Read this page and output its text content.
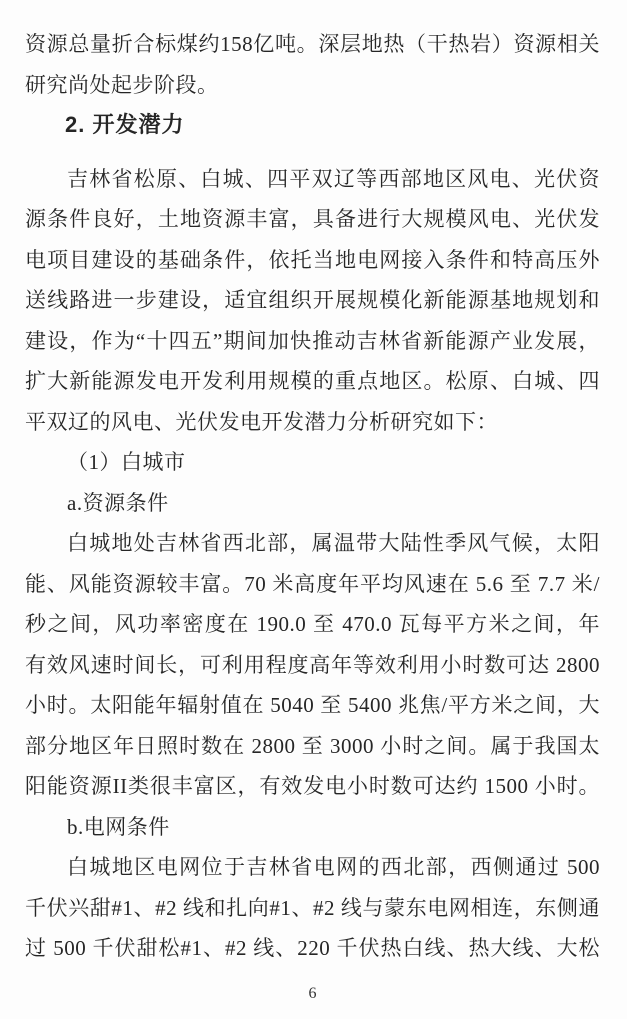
资源总量折合标煤约158亿吨。深层地热（干热岩）资源相关
研究尚处起步阶段。
2. 开发潜力
吉林省松原、白城、四平双辽等西部地区风电、光伏资
源条件良好，土地资源丰富，具备进行大规模风电、光伏发
电项目建设的基础条件，依托当地电网接入条件和特高压外
送线路进一步建设，适宜组织开展规模化新能源基地规划和
建设，作为“十四五”期间加快推动吉林省新能源产业发展，
扩大新能源发电开发利用规模的重点地区。松原、白城、四
平双辽的风电、光伏发电开发潜力分析研究如下：
（1）白城市
a.资源条件
白城地处吉林省西北部，属温带大陆性季风气候，太阳
能、风能资源较丰富。70 米高度年平均风速在 5.6 至 7.7 米/
秒之间，风功率密度在 190.0 至 470.0 瓦每平方米之间，年
有效风速时间长，可利用程度高年等效利用小时数可达 2800
小时。太阳能年辐射值在 5040 至 5400 兆焦/平方米之间，大
部分地区年日照时数在 2800 至 3000 小时之间。属于我国太
阳能资源II类很丰富区，有效发电小时数可达约 1500 小时。
b.电网条件
白城地区电网位于吉林省电网的西北部，西侧通过 500
千伏兴甜#1、#2 线和扎向#1、#2 线与蒙东电网相连，东侧通
过 500 千伏甜松#1、#2 线、220 千伏热白线、热大线、大松
6
